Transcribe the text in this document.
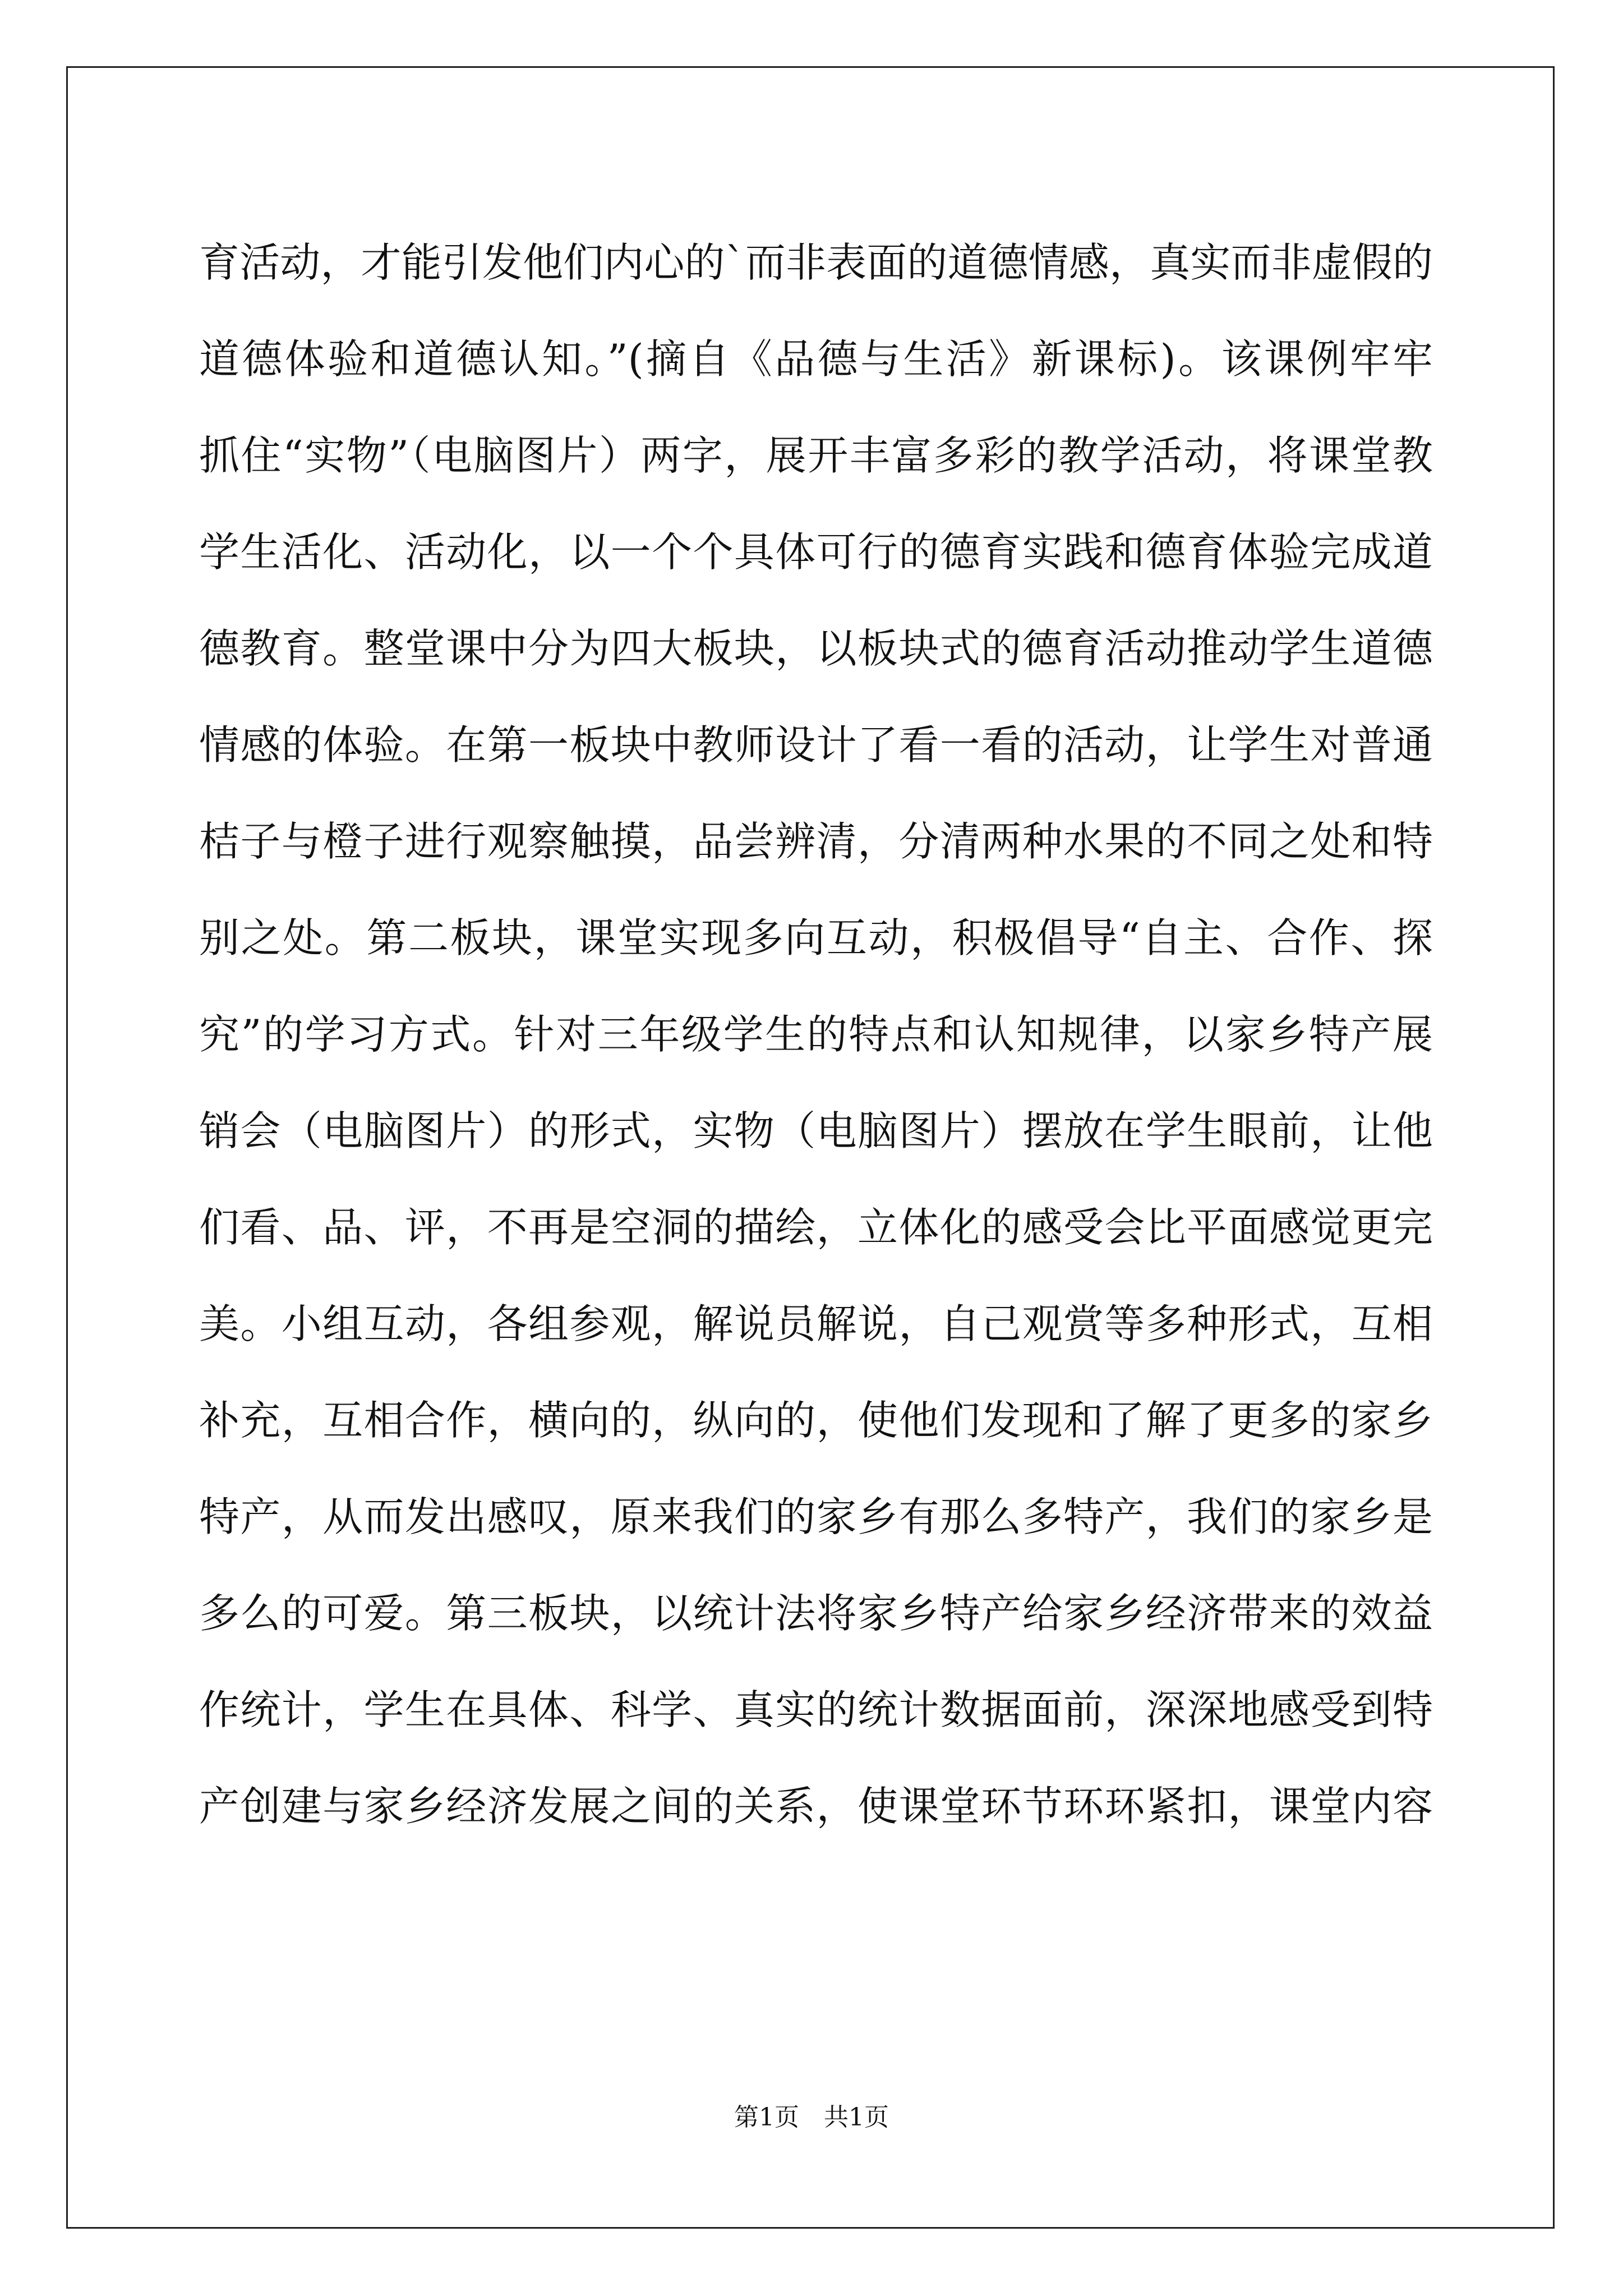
育活动，才能引发他们内心的`而非表面的道德情感，真实而非虚假的
道德体验和道德认知。”(摘自《品德与生活》新课标)。该课例牢牢
抓住“实物”（电脑图片）两字，展开丰富多彩的教学活动，将课堂教
学生活化、活动化，以一个个具体可行的德育实践和德育体验完成道
德教育。整堂课中分为四大板块，以板块式的德育活动推动学生道德
情感的体验。在第一板块中教师设计了看一看的活动，让学生对普通
桔子与橙子进行观察触摸，品尝辨清，分清两种水果的不同之处和特
别之处。第二板块，课堂实现多向互动，积极倡导“自主、合作、探
究”的学习方式。针对三年级学生的特点和认知规律，以家乡特产展
销会（电脑图片）的形式，实物（电脑图片）摆放在学生眼前，让他
们看、品、评，不再是空洞的描绘，立体化的感受会比平面感觉更完
美。小组互动，各组参观，解说员解说，自己观赏等多种形式，互相
补充，互相合作，横向的，纵向的，使他们发现和了解了更多的家乡
特产，从而发出感叹，原来我们的家乡有那么多特产，我们的家乡是
多么的可爱。第三板块，以统计法将家乡特产给家乡经济带来的效益
作统计，学生在具体、科学、真实的统计数据面前，深深地感受到特
产创建与家乡经济发展之间的关系，使课堂环节环环紧扣，课堂内容
第1页　共1页
